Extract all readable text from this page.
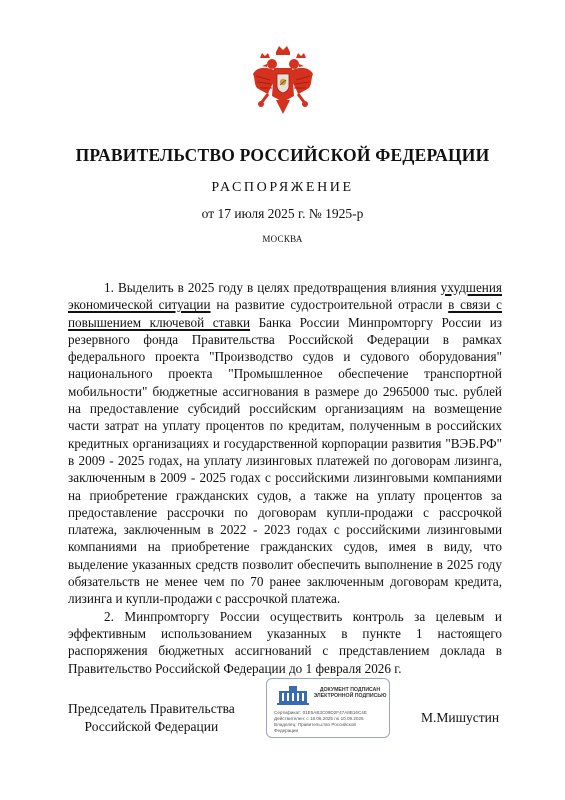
ПРАВИТЕЛЬСТВО РОССИЙСКОЙ ФЕДЕРАЦИИ
РАСПОРЯЖЕНИЕ
от 17 июля 2025 г. № 1925-р
МОСКВА

1. Выделить в 2025 году в целях предотвращения влияния ухудшения экономической ситуации на развитие судостроительной отрасли в связи с повышением ключевой ставки Банка России Минпромторгу России из резервного фонда Правительства Российской Федерации в рамках федерального проекта "Производство судов и судового оборудования" национального проекта "Промышленное обеспечение транспортной мобильности" бюджетные ассигнования в размере до 2965000 тыс. рублей на предоставление субсидий российским организациям на возмещение части затрат на уплату процентов по кредитам, полученным в российских кредитных организациях и государственной корпорации развития "ВЭБ.РФ" в 2009 - 2025 годах, на уплату лизинговых платежей по договорам лизинга, заключенным в 2009 - 2025 годах с российскими лизинговыми компаниями на приобретение гражданских судов, а также на уплату процентов за предоставление рассрочки по договорам купли-продажи с рассрочкой платежа, заключенным в 2022 - 2023 годах с российскими лизинговыми компаниями на приобретение гражданских судов, имея в виду, что выделение указанных средств позволит обеспечить выполнение в 2025 году обязательств не менее чем по 70 ранее заключенным договорам кредита, лизинга и купли-продажи с рассрочкой платежа.

2. Минпромторгу России осуществить контроль за целевым и эффективным использованием указанных в пункте 1 настоящего распоряжения бюджетных ассигнований с представлением доклада в Правительство Российской Федерации до 1 февраля 2026 г.

Председатель Правительства
Российской Федерации
ДОКУМЕНТ ПОДПИСАН ЭЛЕКТРОННОЙ ПОДПИСЬЮ
Сертификат: 01E5AB3C09D2F47A8B16C4E
Действителен: с 18.06.2025 по 10.09.2026
Владелец: Правительство Российской
Федерации
М.Мишустин
